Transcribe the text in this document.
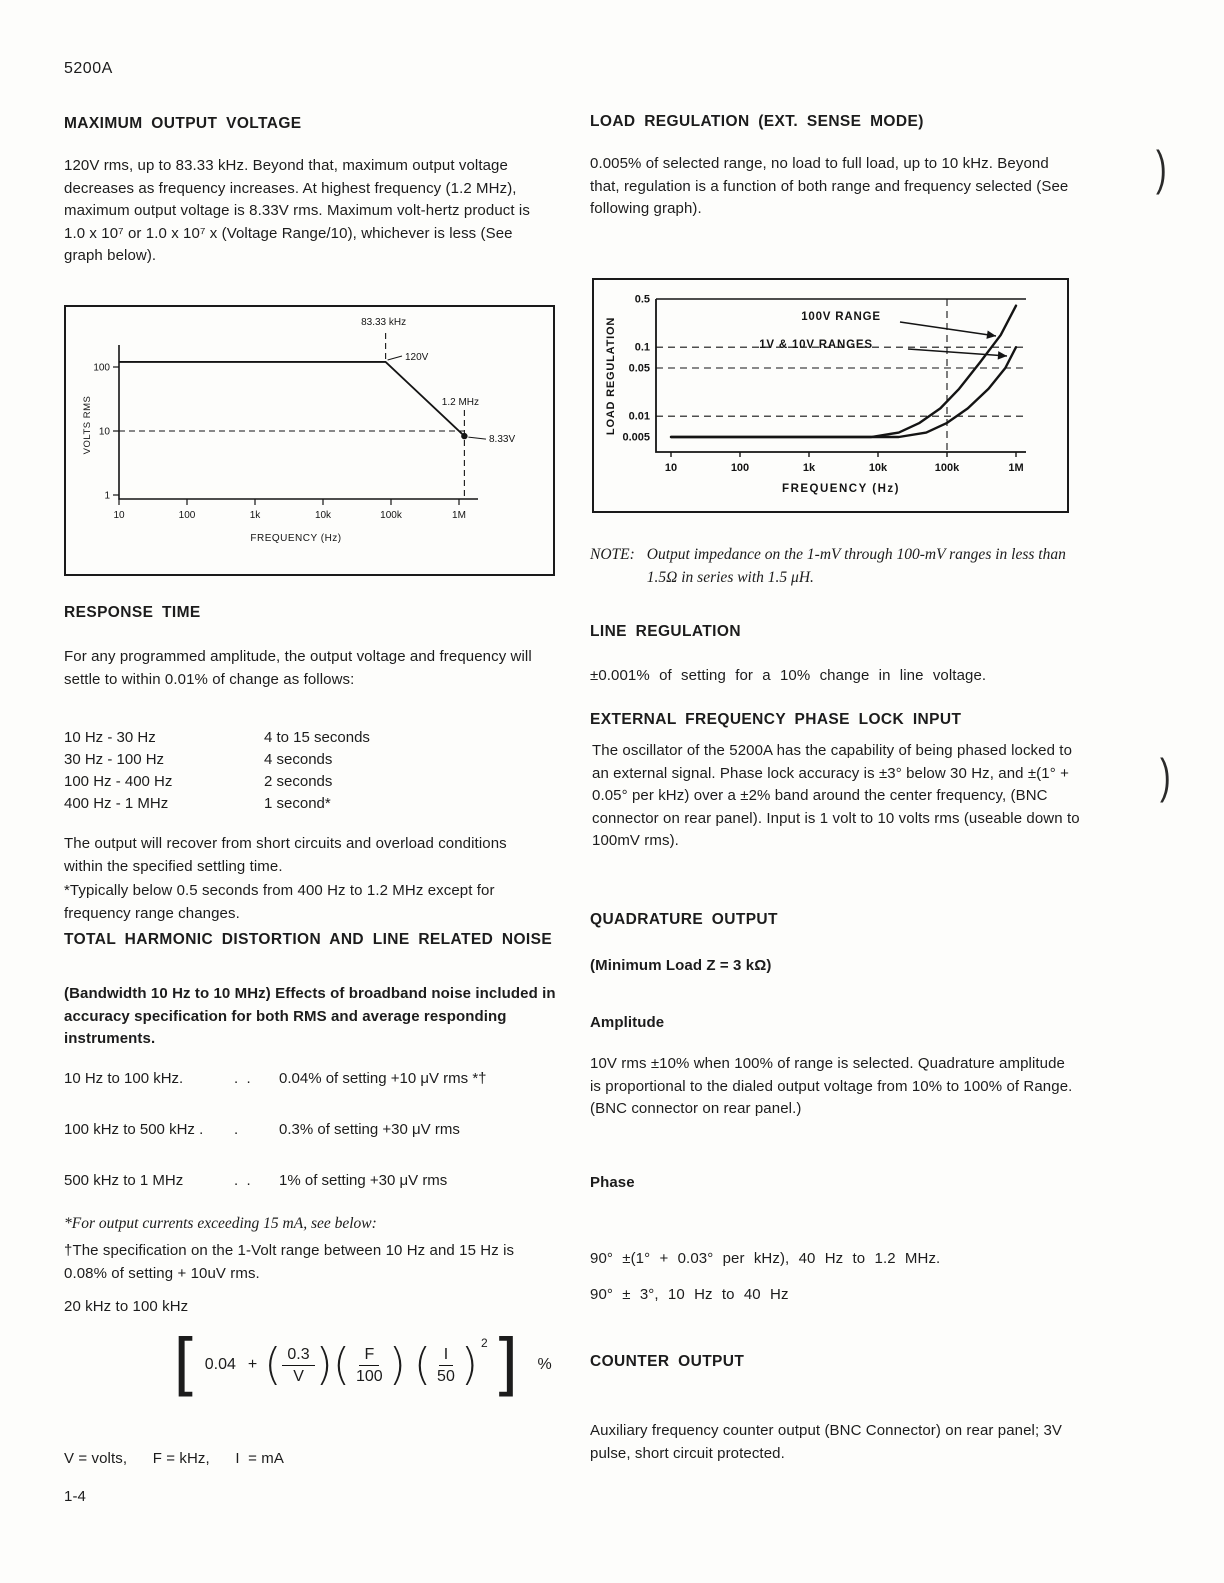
5200A
)
)
MAXIMUM OUTPUT VOLTAGE

120V rms, up to 83.33 kHz. Beyond that, maximum output voltage decreases as frequency increases. At highest frequency (1.2 MHz), maximum output voltage is 8.33V rms. Maximum volt-hertz product is 1.0 x 10⁷ or 1.0 x 10⁷ x (Voltage Range/10), whichever is less (See graph below).

100
10
1
10	100	1k	10k	100k	1M
83.33 kHz
120V
1.2 MHz
8.33V
FREQUENCY (Hz)
VOLTS RMS
RESPONSE TIME

For any programmed amplitude, the output voltage and frequency will settle to within 0.01% of change as follows:

10 Hz - 30 Hz	4 to 15 seconds
30 Hz - 100 Hz	4 seconds
100 Hz - 400 Hz	2 seconds
400 Hz - 1 MHz	1 second*

The output will recover from short circuits and overload conditions within the specified settling time.

*Typically below 0.5 seconds from 400 Hz to 1.2 MHz except for frequency range changes.

TOTAL HARMONIC DISTORTION AND LINE RELATED NOISE

(Bandwidth 10 Hz to 10 MHz) Effects of broadband noise included in accuracy specification for both RMS and average responding instruments.

10 Hz to 100 kHz.	.  .	0.04% of setting +10 μV rms *†
100 kHz to 500 kHz .	.	0.3% of setting +30 μV rms
500 kHz to 1 MHz	.  .	1% of setting +30 μV rms

*For output currents exceeding 15 mA, see below:

†The specification on the 1-Volt range between 10 Hz and 15 Hz is 0.08% of setting + 10uV rms.

20 kHz to 100 kHz

[ 0.04 + ( $\frac{0.3}{V}$ ) ( $\frac{F}{100}$ ) ( $\frac{I}{50}$ ) 2 ] %

V = volts,      F = kHz,      I  = mA

1-4
LOAD REGULATION (EXT. SENSE MODE)

0.005% of selected range, no load to full load, up to 10 kHz. Beyond that, regulation is a function of both range and frequency selected (See following graph).

10	100	1k	10k	100k	1M
0.5
0.1
0.05
0.01
0.005
100V RANGE
1V & 10V RANGES
FREQUENCY (Hz)
LOAD REGULATION
NOTE: Output impedance on the 1-mV through 100-mV ranges in less than 1.5Ω in series with 1.5 μH.
LINE REGULATION

±0.001% of setting for a 10% change in line voltage.

EXTERNAL FREQUENCY PHASE LOCK INPUT

The oscillator of the 5200A has the capability of being phased locked to an external signal. Phase lock accuracy is ±3° below 30 Hz, and ±(1° + 0.05° per kHz) over a ±2% band around the center frequency, (BNC connector on rear panel). Input is 1 volt to 10 volts rms (useable down to 100mV rms).

QUADRATURE OUTPUT

(Minimum Load Z = 3 kΩ)

Amplitude

10V rms ±10% when 100% of range is selected. Quadrature amplitude is proportional to the dialed output voltage from 10% to 100% of Range. (BNC connector on rear panel.)

Phase

90° ±(1° + 0.03° per kHz), 40 Hz to 1.2 MHz.

90° ± 3°, 10 Hz to 40 Hz

COUNTER OUTPUT

Auxiliary frequency counter output (BNC Connector) on rear panel; 3V pulse, short circuit protected.
